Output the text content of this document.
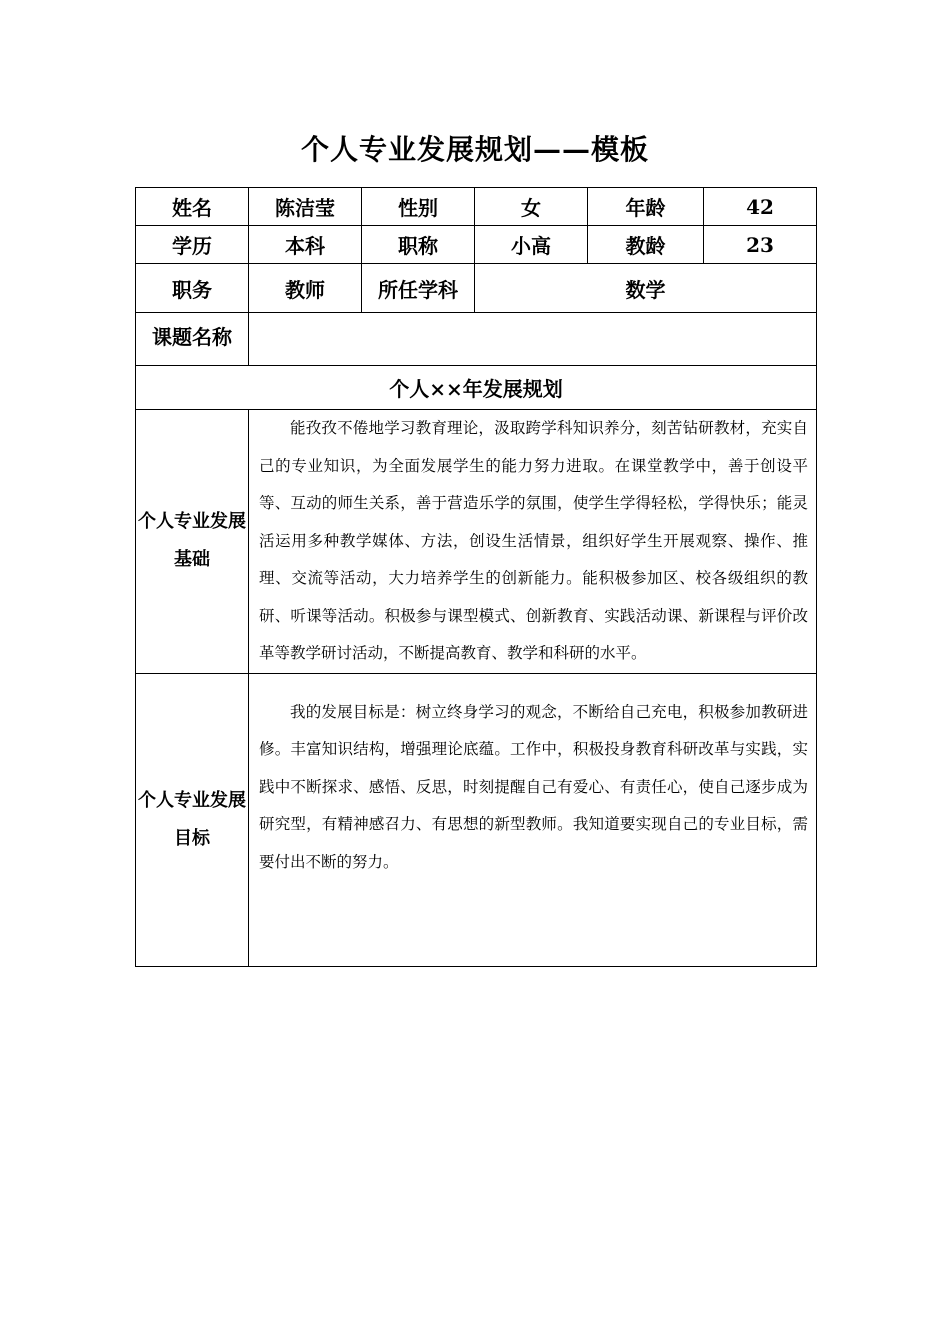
个人专业发展规划——模板
姓名	陈洁莹	性别	女	年龄	42
学历	本科	职称	小高	教龄	23
职务	教师	所任学科	数学		
课题名称					
个人××年发展规划					
个人专业发展基础	能孜孜不倦地学习教育理论，汲取跨学科知识养分，刻苦钻研教材，充实自己的专业知识，为全面发展学生的能力努力进取。在课堂教学中，善于创设平等、互动的师生关系，善于营造乐学的氛围，使学生学得轻松，学得快乐；能灵活运用多种教学媒体、方法，创设生活情景，组织好学生开展观察、操作、推理、交流等活动，大力培养学生的创新能力。能积极参加区、校各级组织的教研、听课等活动。积极参与课型模式、创新教育、实践活动课、新课程与评价改革等教学研讨活动，不断提高教育、教学和科研的水平。				

个人专业发展目标	我的发展目标是：树立终身学习的观念，不断给自己充电，积极参加教研进修。丰富知识结构，增强理论底蕴。工作中，积极投身教育科研改革与实践，实践中不断探求、感悟、反思，时刻提醒自己有爱心、有责任心，使自己逐步成为研究型，有精神感召力、有思想的新型教师。我知道要实现自己的专业目标，需要付出不断的努力。				
